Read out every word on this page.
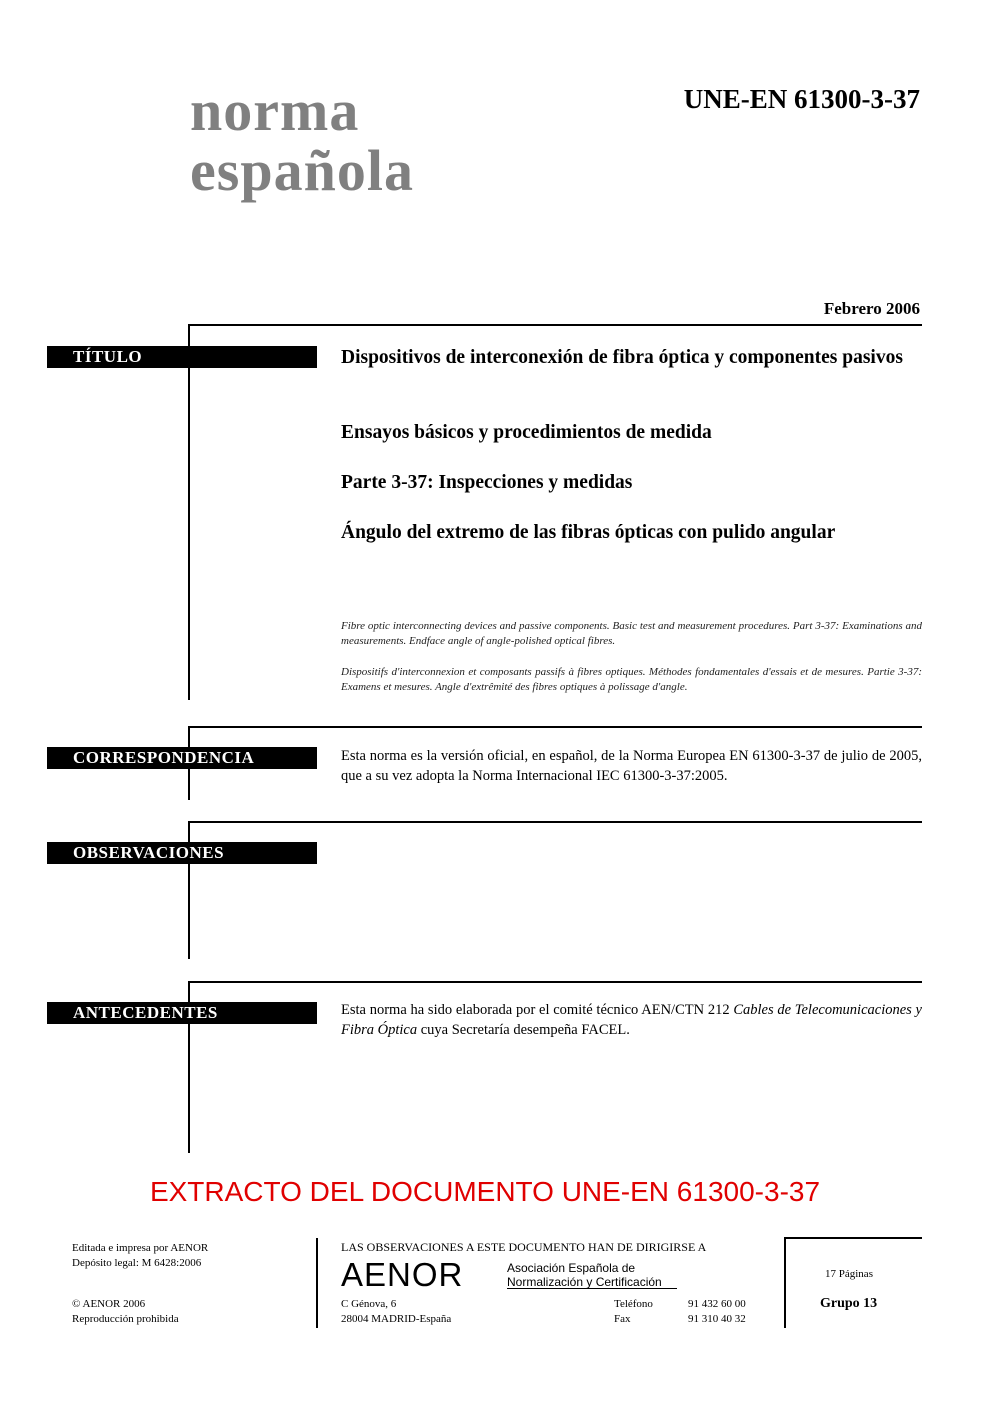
norma
española
UNE-EN 61300-3-37
Febrero 2006
TÍTULO	Dispositivos de interconexión de fibra óptica y componentes pasivos
Ensayos básicos y procedimientos de medida
Parte 3-37: Inspecciones y medidas
Ángulo del extremo de las fibras ópticas con pulido angular
Fibre optic interconnecting devices and passive components. Basic test and measurement procedures. Part 3-37: Examinations and measurements. Endface angle of angle-polished optical fibres.
Dispositifs d'interconnexion et composants passifs à fibres optiques. Méthodes fondamentales d'essais et de mesures. Partie 3-37: Examens et mesures. Angle d'extrêmité des fibres optiques à polissage d'angle.
CORRESPONDENCIA	Esta norma es la versión oficial, en español, de la Norma Europea EN 61300-3-37 de julio de 2005, que a su vez adopta la Norma Internacional IEC 61300-3-37:2005.
OBSERVACIONES
ANTECEDENTES	Esta norma ha sido elaborada por el comité técnico AEN/CTN 212 Cables de Telecomunicaciones y Fibra Óptica cuya Secretaría desempeña FACEL.
EXTRACTO DEL DOCUMENTO UNE-EN 61300-3-37
Editada e impresa por AENOR
Depósito legal: M 6428:2006
© AENOR 2006
Reproducción prohibida
LAS OBSERVACIONES A ESTE DOCUMENTO HAN DE DIRIGIRSE A
AENOR	Asociación Española de
Normalización y Certificación
C Génova, 6
28004 MADRID-España
Teléfono	91 432 60 00
Fax	91 310 40 32
17 Páginas
Grupo 13
